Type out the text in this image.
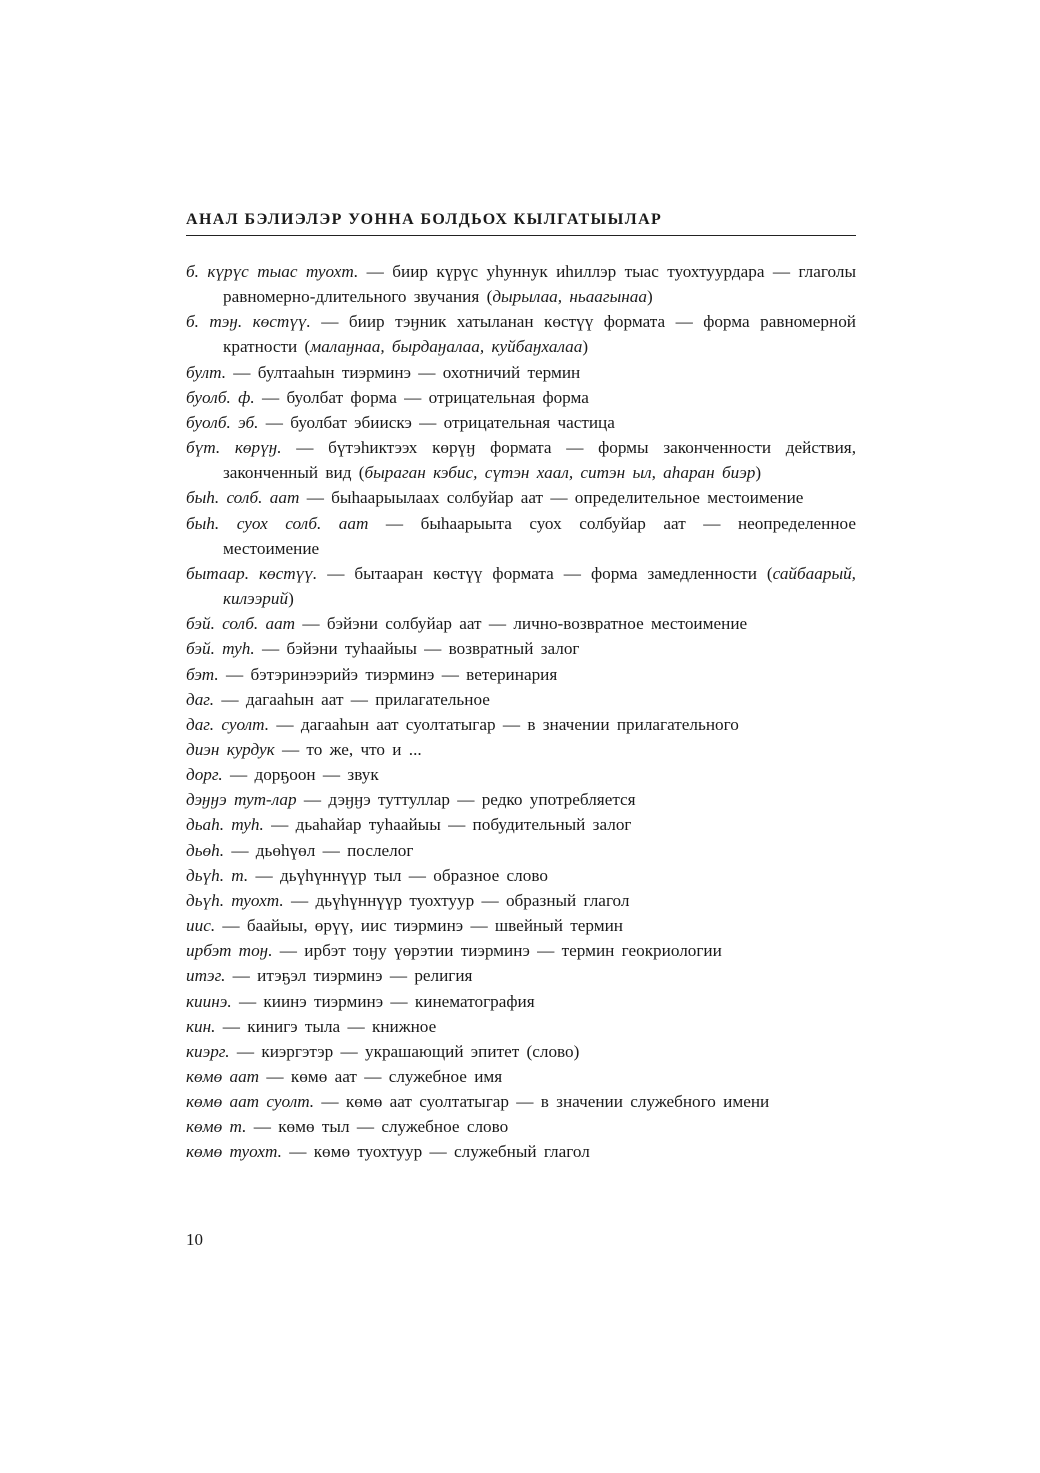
АНАЛ БЭЛИЭЛЭР УОННА БОЛДЬОХ КЫЛГАТЫЫЛАР
б. күрүс тыас туохт. — биир күрүс уһуннук иһиллэр тыас туохтуурдара — глаголы равномерно-длительного звучания (дырылаа, ньаагынаа)
б. тэӈ. көстүү. — биир тэӈник хатыланан көстүү формата — форма равномерной кратности (малаӈнаа, бырдаӈалаа, куйбаӈхалаа)
булт. — бултааһын тиэрминэ — охотничий термин
буолб. ф. — буолбат форма — отрицательная форма
буолб. эб. — буолбат эбиискэ — отрицательная частица
бүт. көрүӈ. — бүтэһиктээх көрүӈ формата — формы законченности действия, законченный вид (бырагaн кэбис, сүтэн хаал, ситэн ыл, аһаран биэр)
быһ. солб. аат — быһаарыылаах солбуйар аат — определительное местоимение
быһ. суох солб. аат — быһаарыыта суох солбуйар аат — неопределенное местоимение
бытаар. көстүү. — бытааран көстүү формата — форма замедленности (сайбаарый, килээрий)
бэй. солб. аат — бэйэни солбуйар аат — лично-возвратное местоимение
бэй. туһ. — бэйэни туһаайыы — возвратный залог
бэт. — бэтэринээрийэ тиэрминэ — ветеринария
даг. — дагааһын аат — прилагательное
даг. суолт. — дагааһын аат суолтатыгар — в значении прилагательного
диэн курдук — то же, что и ...
дорг. — дорҕоон — звук
дэӈӈэ тут-лар — дэӈӈэ туттуллар — редко употребляется
дьаһ. туһ. — дьаһайар туһаайыы — побудительный залог
дьөһ. — дьөһүөл — послелог
дьүһ. т. — дьүһүннүүр тыл — образное слово
дьүһ. туохт. — дьүһүннүүр туохтуур — образный глагол
иис. — баайыы, өрүү, иис тиэрминэ — швейный термин
ирбэт тоӈ. — ирбэт тоӈу үөрэтии тиэрминэ — термин геокриологии
итэг. — итэҕэл тиэрминэ — религия
киинэ. — киинэ тиэрминэ — кинематография
кин. — кинигэ тыла — книжное
киэрг. — киэргэтэр — украшающий эпитет (слово)
көмө аат — көмө аат — служебное имя
көмө аат суолт. — көмө аат суолтатыгар — в значении служебного имени
көмө т. — көмө тыл — служебное слово
көмө туохт. — көмө туохтуур — служебный глагол
10
